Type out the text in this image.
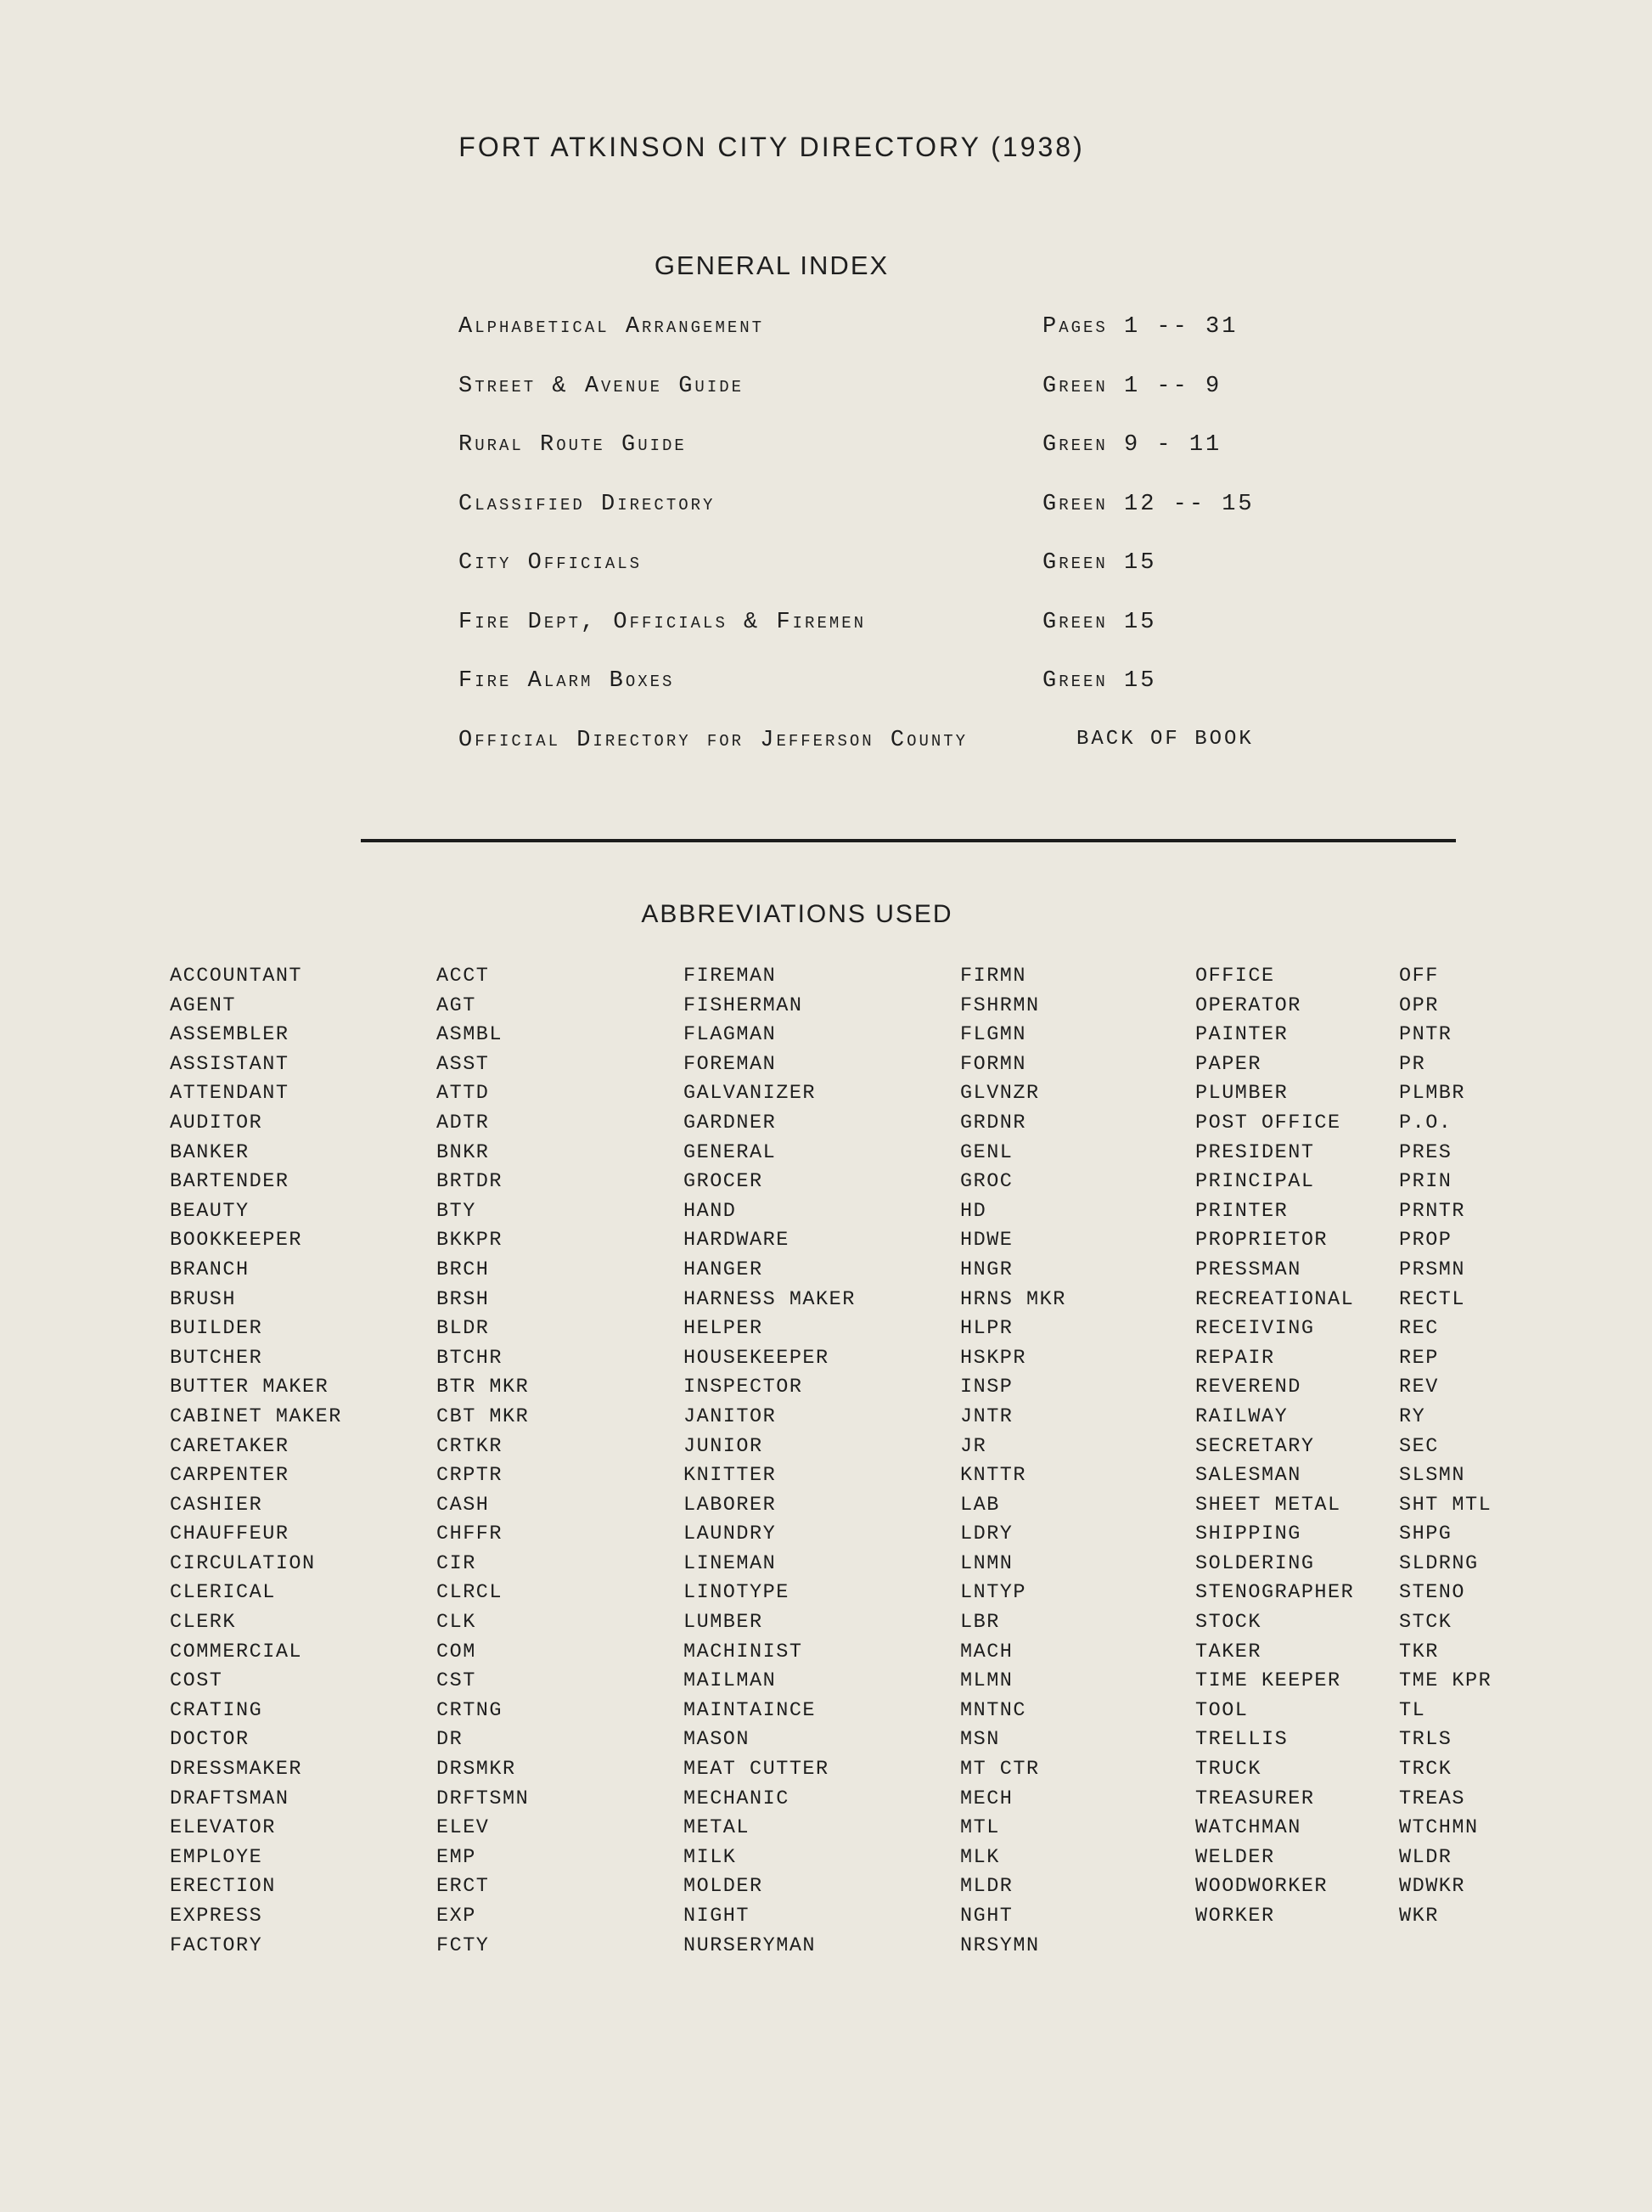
FORT ATKINSON CITY DIRECTORY (1938)
GENERAL INDEX
Alphabetical Arrangement	Pages 1 -- 31
Street & Avenue Guide	Green 1 -- 9
Rural Route Guide	Green 9 - 11
Classified Directory	Green 12 -- 15
City Officials	Green 15
Fire Dept, Officials & Firemen	Green 15
Fire Alarm Boxes	Green 15
Official Directory for Jefferson County	BACK OF BOOK
ABBREVIATIONS USED
ACCOUNTANT	ACCT
AGENT	AGT
ASSEMBLER	ASMBL
ASSISTANT	ASST
ATTENDANT	ATTD
AUDITOR	ADTR
BANKER	BNKR
BARTENDER	BRTDR
BEAUTY	BTY
BOOKKEEPER	BKKPR
BRANCH	BRCH
BRUSH	BRSH
BUILDER	BLDR
BUTCHER	BTCHR
BUTTER MAKER	BTR MKR
CABINET MAKER	CBT MKR
CARETAKER	CRTKR
CARPENTER	CRPTR
CASHIER	CASH
CHAUFFEUR	CHFFR
CIRCULATION	CIR
CLERICAL	CLRCL
CLERK	CLK
COMMERCIAL	COM
COST	CST
CRATING	CRTNG
DOCTOR	DR
DRESSMAKER	DRSMKR
DRAFTSMAN	DRFTSMN
ELEVATOR	ELEV
EMPLOYE	EMP
ERECTION	ERCT
EXPRESS	EXP
FACTORY	FCTY
FIREMAN	FIRMN
FISHERMAN	FSHRMN
FLAGMAN	FLGMN
FOREMAN	FORMN
GALVANIZER	GLVNZR
GARDNER	GRDNR
GENERAL	GENL
GROCER	GROC
HAND	HD
HARDWARE	HDWE
HANGER	HNGR
HARNESS MAKER	HRNS MKR
HELPER	HLPR
HOUSEKEEPER	HSKPR
INSPECTOR	INSP
JANITOR	JNTR
JUNIOR	JR
KNITTER	KNTTR
LABORER	LAB
LAUNDRY	LDRY
LINEMAN	LNMN
LINOTYPE	LNTYP
LUMBER	LBR
MACHINIST	MACH
MAILMAN	MLMN
MAINTAINCE	MNTNC
MASON	MSN
MEAT CUTTER	MT CTR
MECHANIC	MECH
METAL	MTL
MILK	MLK
MOLDER	MLDR
NIGHT	NGHT
NURSERYMAN	NRSYMN
OFFICE	OFF
OPERATOR	OPR
PAINTER	PNTR
PAPER	PR
PLUMBER	PLMBR
POST OFFICE	P.O.
PRESIDENT	PRES
PRINCIPAL	PRIN
PRINTER	PRNTR
PROPRIETOR	PROP
PRESSMAN	PRSMN
RECREATIONAL RECTL
RECEIVING	REC
REPAIR	REP
REVEREND	REV
RAILWAY	RY
SECRETARY	SEC
SALESMAN	SLSMN
SHEET METAL	SHT MTL
SHIPPING	SHPG
SOLDERING	SLDRNG
STENOGRAPHER STENO
STOCK	STCK
TAKER	TKR
TIME KEEPER	TME KPR
TOOL	TL
TRELLIS	TRLS
TRUCK	TRCK
TREASURER	TREAS
WATCHMAN	WTCHMN
WELDER	WLDR
WOODWORKER	WDWKR
WORKER	WKR
